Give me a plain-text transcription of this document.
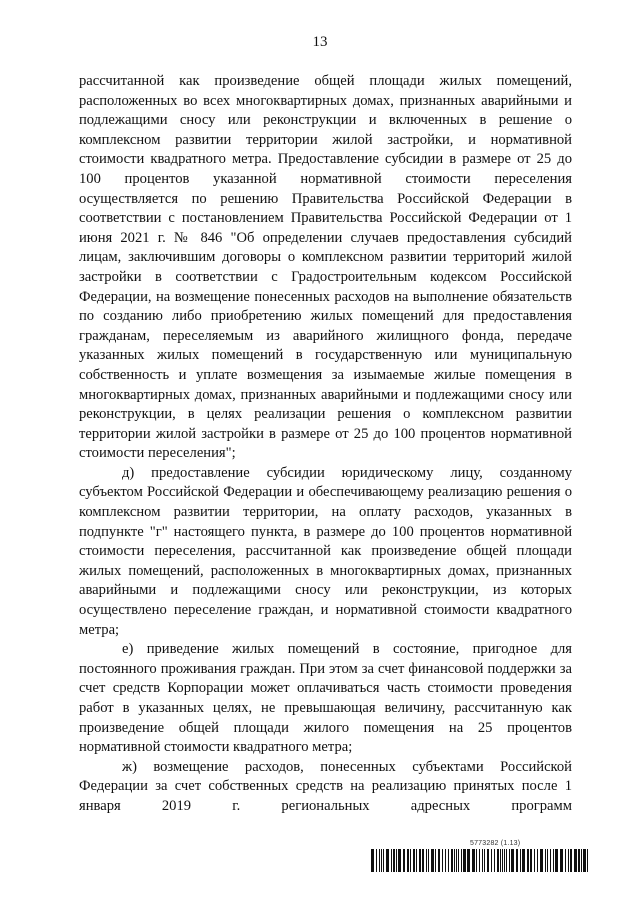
13

рассчитанной как произведение общей площади жилых помещений, расположенных во всех многоквартирных домах, признанных аварийными и подлежащими сносу или реконструкции и включенных в решение о комплексном развитии территории жилой застройки, и нормативной стоимости квадратного метра. Предоставление субсидии в размере от 25 до 100 процентов указанной нормативной стоимости переселения осуществляется по решению Правительства Российской Федерации в соответствии с постановлением Правительства Российской Федерации от 1 июня 2021 г. № 846 "Об определении случаев предоставления субсидий лицам, заключившим договоры о комплексном развитии территорий жилой застройки в соответствии с Градостроительным кодексом Российской Федерации, на возмещение понесенных расходов на выполнение обязательств по созданию либо приобретению жилых помещений для предоставления гражданам, переселяемым из аварийного жилищного фонда, передаче указанных жилых помещений в государственную или муниципальную собственность и уплате возмещения за изымаемые жилые помещения в многоквартирных домах, признанных аварийными и подлежащими сносу или реконструкции, в целях реализации решения о комплексном развитии территории жилой застройки в размере от 25 до 100 процентов нормативной стоимости переселения";

д) предоставление субсидии юридическому лицу, созданному субъектом Российской Федерации и обеспечивающему реализацию решения о комплексном развитии территории, на оплату расходов, указанных в подпункте "г" настоящего пункта, в размере до 100 процентов нормативной стоимости переселения, рассчитанной как произведение общей площади жилых помещений, расположенных в многоквартирных домах, признанных аварийными и подлежащими сносу или реконструкции, из которых осуществлено переселение граждан, и нормативной стоимости квадратного метра;

е) приведение жилых помещений в состояние, пригодное для постоянного проживания граждан. При этом за счет финансовой поддержки за счет средств Корпорации может оплачиваться часть стоимости проведения работ в указанных целях, не превышающая величину, рассчитанную как произведение общей площади жилого помещения на 25 процентов нормативной стоимости квадратного метра;

ж) возмещение расходов, понесенных субъектами Российской Федерации за счет собственных средств на реализацию принятых после 1 января 2019 г. региональных адресных программ

5773282 (1.13)
